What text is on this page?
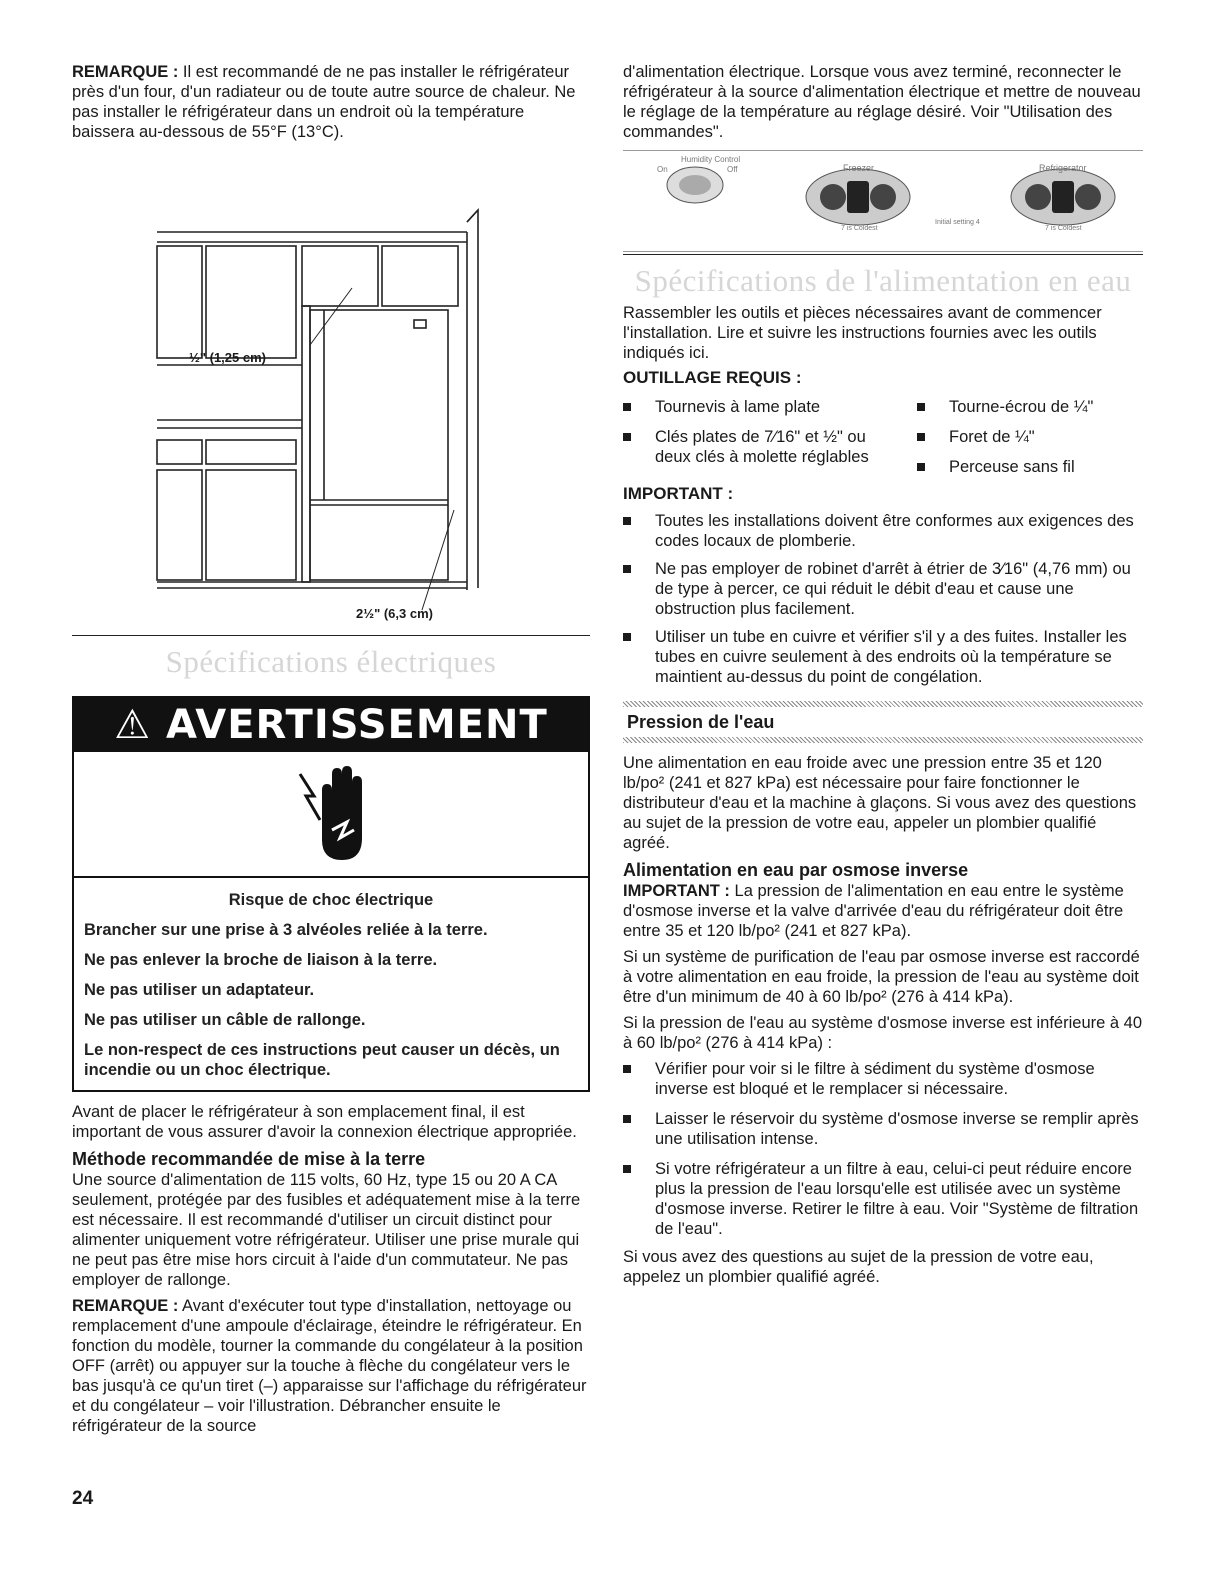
REMARQUE : Il est recommandé de ne pas installer le réfrigérateur près d'un four, d'un radiateur ou de toute autre source de chaleur. Ne pas installer le réfrigérateur dans un endroit où la température baissera au-dessous de 55°F (13°C).

½" (1,25 cm)
2½" (6,3 cm)
Spécifications électriques
⚠ AVERTISSEMENT

Risque de choc électrique

Brancher sur une prise à 3 alvéoles reliée à la terre.

Ne pas enlever la broche de liaison à la terre.

Ne pas utiliser un adaptateur.

Ne pas utiliser un câble de rallonge.

Le non-respect de ces instructions peut causer un décès, un incendie ou un choc électrique.

Avant de placer le réfrigérateur à son emplacement final, il est important de vous assurer d'avoir la connexion électrique appropriée.

Méthode recommandée de mise à la terre

Une source d'alimentation de 115 volts, 60 Hz, type 15 ou 20 A CA seulement, protégée par des fusibles et adéquatement mise à la terre est nécessaire. Il est recommandé d'utiliser un circuit distinct pour alimenter uniquement votre réfrigérateur. Utiliser une prise murale qui ne peut pas être mise hors circuit à l'aide d'un commutateur. Ne pas employer de rallonge.

REMARQUE : Avant d'exécuter tout type d'installation, nettoyage ou remplacement d'une ampoule d'éclairage, éteindre le réfrigérateur. En fonction du modèle, tourner la commande du congélateur à la position OFF (arrêt) ou appuyer sur la touche à flèche du congélateur vers le bas jusqu'à ce qu'un tiret (–) apparaisse sur l'affichage du réfrigérateur et du congélateur – voir l'illustration. Débrancher ensuite le réfrigérateur de la source

d'alimentation électrique. Lorsque vous avez terminé, reconnecter le réfrigérateur à la source d'alimentation électrique et mettre de nouveau le réglage de la température au réglage désiré. Voir "Utilisation des commandes".

Humidity Control
On	Off	Freezer	Refrigerator
7 is Coldest
Initial setting 4
7 is Coldest
Spécifications de l'alimentation en eau

Rassembler les outils et pièces nécessaires avant de commencer l'installation. Lire et suivre les instructions fournies avec les outils indiqués ici.

OUTILLAGE REQUIS :
Tournevis à lame plate
Clés plates de 7⁄16" et ½" ou deux clés à molette réglables
Tourne-écrou de ¼"
Foret de ¼"
Perceuse sans fil
IMPORTANT :
Toutes les installations doivent être conformes aux exigences des codes locaux de plomberie.
Ne pas employer de robinet d'arrêt à étrier de 3⁄16" (4,76 mm) ou de type à percer, ce qui réduit le débit d'eau et cause une obstruction plus facilement.
Utiliser un tube en cuivre et vérifier s'il y a des fuites. Installer les tubes en cuivre seulement à des endroits où la température se maintient au-dessus du point de congélation.
Pression de l'eau

Une alimentation en eau froide avec une pression entre 35 et 120 lb/po² (241 et 827 kPa) est nécessaire pour faire fonctionner le distributeur d'eau et la machine à glaçons. Si vous avez des questions au sujet de la pression de votre eau, appeler un plombier qualifié agréé.

Alimentation en eau par osmose inverse

IMPORTANT : La pression de l'alimentation en eau entre le système d'osmose inverse et la valve d'arrivée d'eau du réfrigérateur doit être entre 35 et 120 lb/po² (241 et 827 kPa).

Si un système de purification de l'eau par osmose inverse est raccordé à votre alimentation en eau froide, la pression de l'eau au système doit être d'un minimum de 40 à 60 lb/po² (276 à 414 kPa).

Si la pression de l'eau au système d'osmose inverse est inférieure à 40 à 60 lb/po² (276 à 414 kPa) :

Vérifier pour voir si le filtre à sédiment du système d'osmose inverse est bloqué et le remplacer si nécessaire.
Laisser le réservoir du système d'osmose inverse se remplir après une utilisation intense.
Si votre réfrigérateur a un filtre à eau, celui-ci peut réduire encore plus la pression de l'eau lorsqu'elle est utilisée avec un système d'osmose inverse. Retirer le filtre à eau. Voir "Système de filtration de l'eau".

Si vous avez des questions au sujet de la pression de votre eau, appelez un plombier qualifié agréé.

24
